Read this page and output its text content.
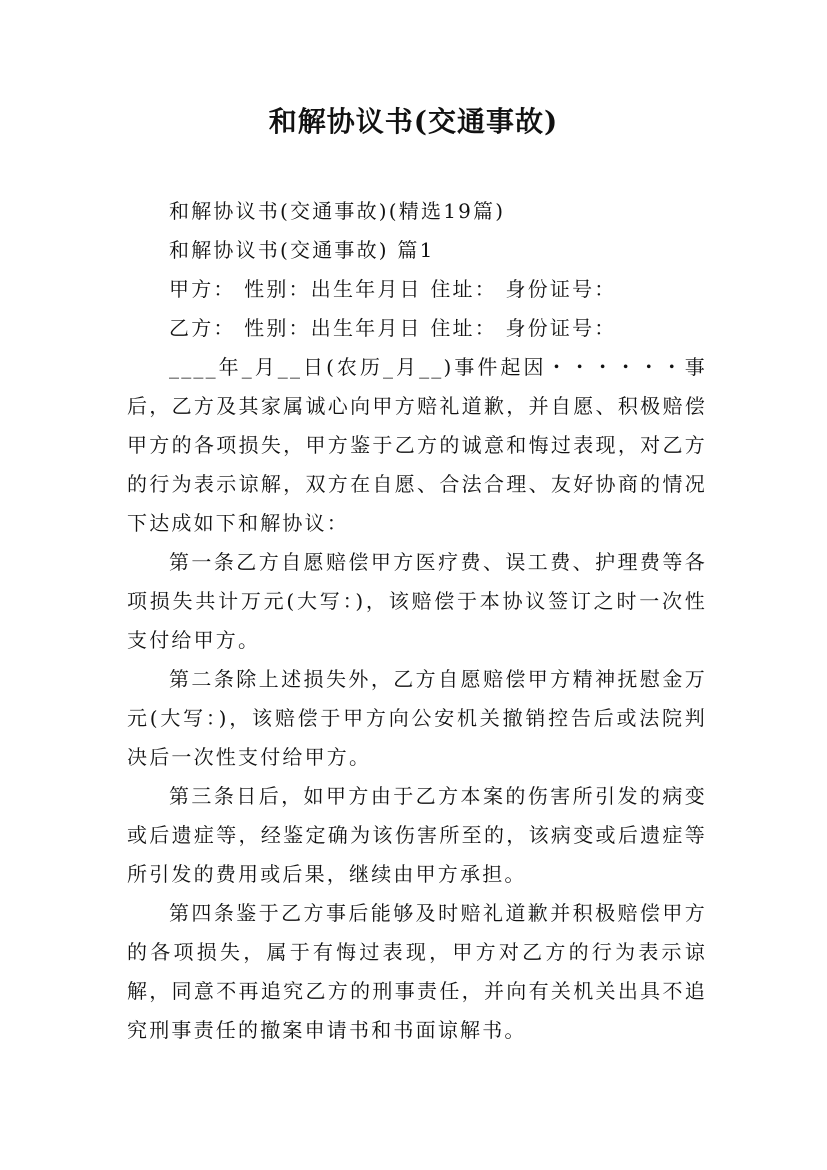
和解协议书(交通事故)

和解协议书(交通事故)(精选19篇)

和解协议书(交通事故) 篇1

甲方： 性别：出生年月日 住址： 身份证号：

乙方： 性别：出生年月日 住址： 身份证号：

____年_月__日(农历_月__)事件起因・・・・・・事后，乙方及其家属诚心向甲方赔礼道歉，并自愿、积极赔偿甲方的各项损失，甲方鉴于乙方的诚意和悔过表现，对乙方的行为表示谅解，双方在自愿、合法合理、友好协商的情况下达成如下和解协议：

第一条乙方自愿赔偿甲方医疗费、误工费、护理费等各项损失共计万元(大写：)，该赔偿于本协议签订之时一次性支付给甲方。

第二条除上述损失外，乙方自愿赔偿甲方精神抚慰金万元(大写：)，该赔偿于甲方向公安机关撤销控告后或法院判决后一次性支付给甲方。

第三条日后，如甲方由于乙方本案的伤害所引发的病变或后遗症等，经鉴定确为该伤害所至的，该病变或后遗症等所引发的费用或后果，继续由甲方承担。

第四条鉴于乙方事后能够及时赔礼道歉并积极赔偿甲方的各项损失，属于有悔过表现，甲方对乙方的行为表示谅解，同意不再追究乙方的刑事责任，并向有关机关出具不追究刑事责任的撤案申请书和书面谅解书。
